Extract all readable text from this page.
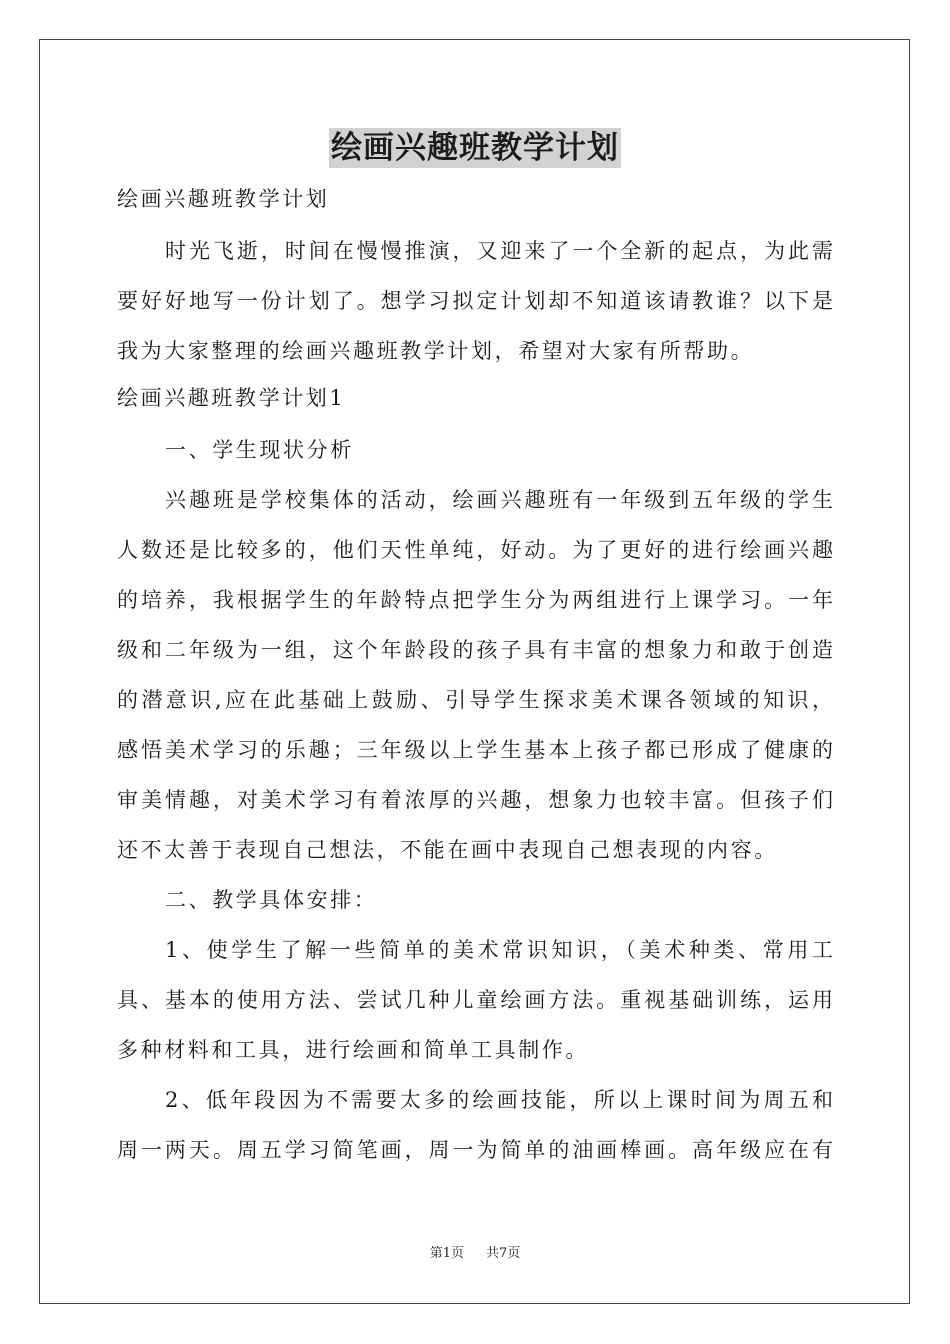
绘画兴趣班教学计划
绘画兴趣班教学计划
时光飞逝，时间在慢慢推演，又迎来了一个全新的起点，为此需
要好好地写一份计划了。想学习拟定计划却不知道该请教谁？以下是
我为大家整理的绘画兴趣班教学计划，希望对大家有所帮助。
绘画兴趣班教学计划1
一、学生现状分析
兴趣班是学校集体的活动，绘画兴趣班有一年级到五年级的学生
人数还是比较多的，他们天性单纯，好动。为了更好的进行绘画兴趣
的培养，我根据学生的年龄特点把学生分为两组进行上课学习。一年
级和二年级为一组，这个年龄段的孩子具有丰富的想象力和敢于创造
的潜意识,应在此基础上鼓励、引导学生探求美术课各领域的知识，
感悟美术学习的乐趣；三年级以上学生基本上孩子都已形成了健康的
审美情趣，对美术学习有着浓厚的兴趣，想象力也较丰富。但孩子们
还不太善于表现自己想法，不能在画中表现自己想表现的内容。
二、教学具体安排：
1、使学生了解一些简单的美术常识知识，（美术种类、常用工
具、基本的使用方法、尝试几种儿童绘画方法。重视基础训练，运用
多种材料和工具，进行绘画和简单工具制作。
2、低年段因为不需要太多的绘画技能，所以上课时间为周五和
周一两天。周五学习简笔画，周一为简单的油画棒画。高年级应在有
第1页 共7页
